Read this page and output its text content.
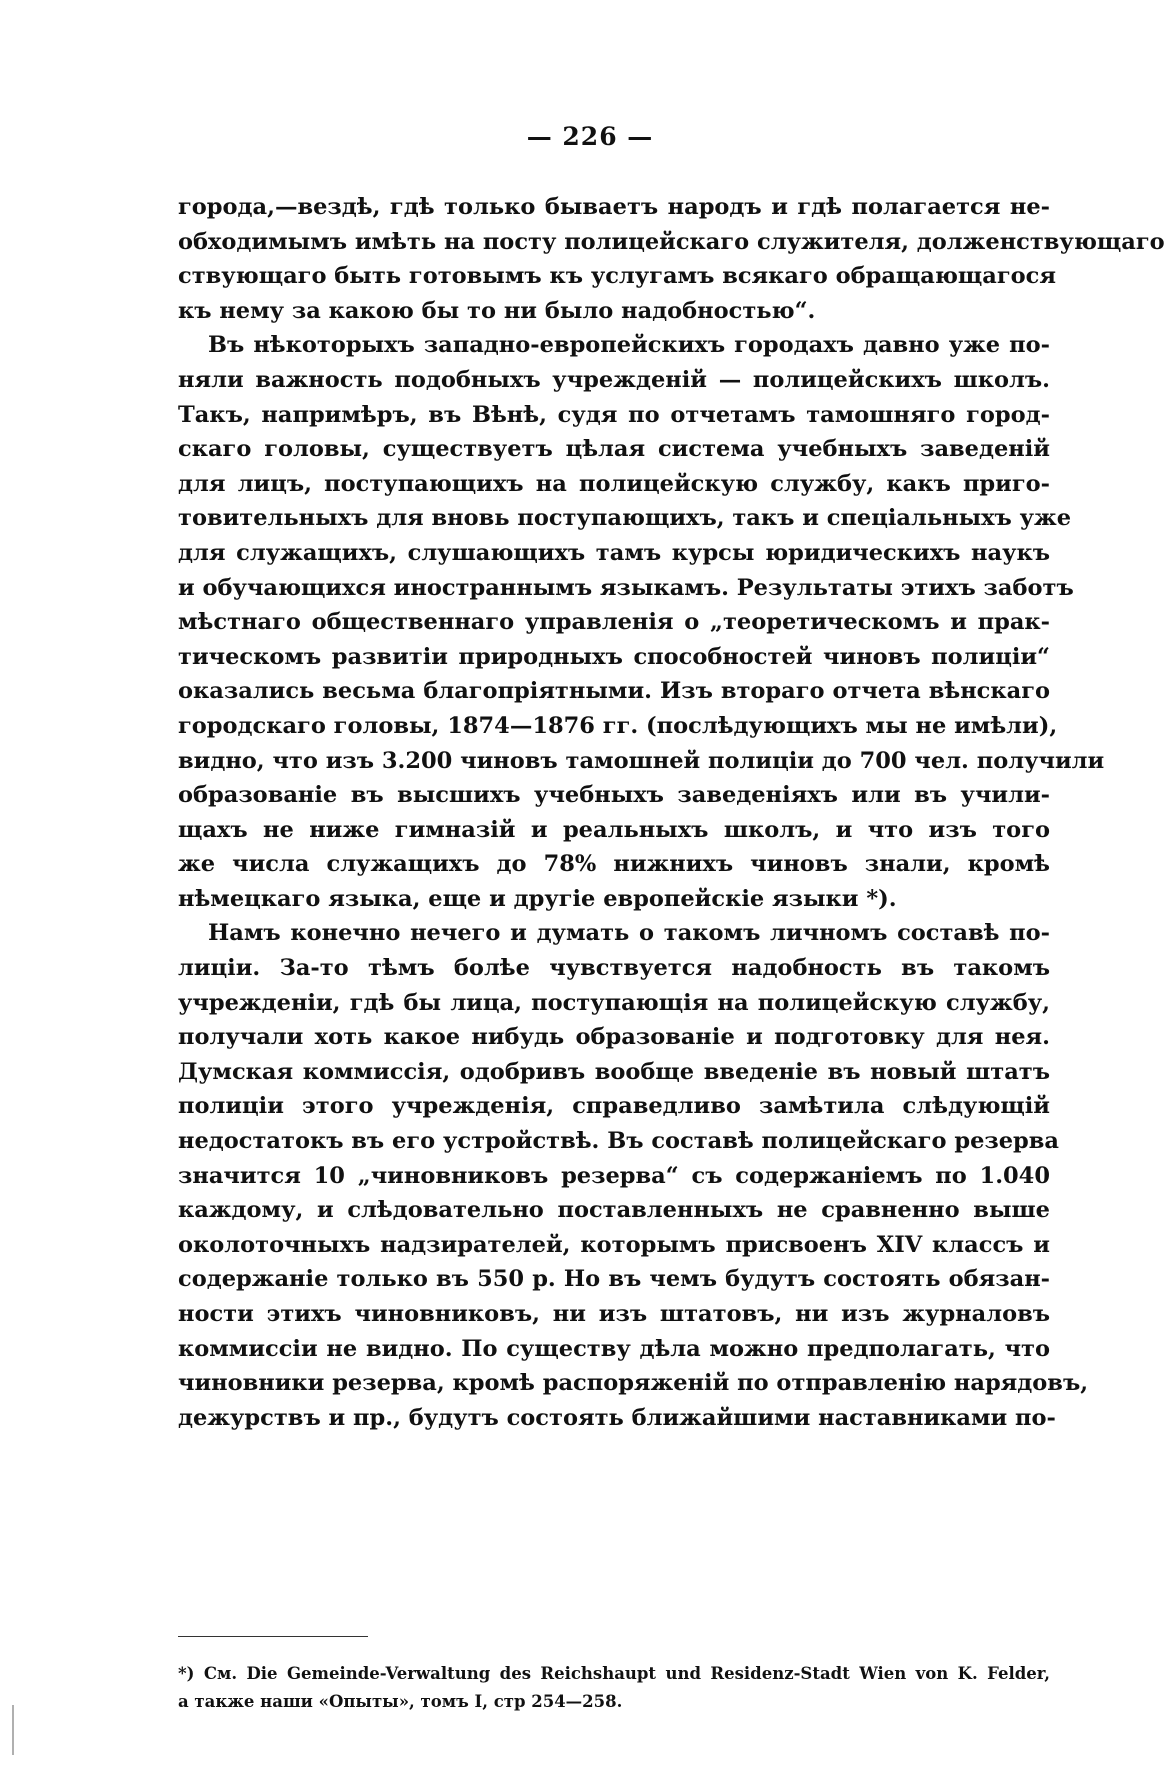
— 226 —
города,—вездѣ, гдѣ только бываетъ народъ и гдѣ полагается не-
обходимымъ имѣть на посту полицейскаго служителя, долженствующаго
ствующаго быть готовымъ къ услугамъ всякаго обращающагося
къ нему за какою бы то ни было надобностью“.
Въ нѣкоторыхъ западно-европейскихъ городахъ давно уже по-
няли важность подобныхъ учрежденій — полицейскихъ школъ.
Такъ, напримѣръ, въ Вѣнѣ, судя по отчетамъ тамошняго город-
скаго головы, существуетъ цѣлая система учебныхъ заведеній
для лицъ, поступающихъ на полицейскую службу, какъ приго-
товительныхъ для вновь поступающихъ, такъ и спеціальныхъ уже
для служащихъ, слушающихъ тамъ курсы юридическихъ наукъ
и обучающихся иностраннымъ языкамъ. Результаты этихъ заботъ
мѣстнаго общественнаго управленія о „теоретическомъ и прак-
тическомъ развитіи природныхъ способностей чиновъ полиціи“
оказались весьма благопріятными. Изъ втораго отчета вѣнскаго
городскаго головы, 1874—1876 гг. (послѣдующихъ мы не имѣли),
видно, что изъ 3.200 чиновъ тамошней полиціи до 700 чел. получили
образованіе въ высшихъ учебныхъ заведеніяхъ или въ учили-
щахъ не ниже гимназій и реальныхъ школъ, и что изъ того
же числа служащихъ до 78% нижнихъ чиновъ знали, кромѣ
нѣмецкаго языка, еще и другіе европейскіе языки *).
Намъ конечно нечего и думать о такомъ личномъ составѣ по-
лиціи. За-то тѣмъ болѣе чувствуется надобность въ такомъ
учрежденіи, гдѣ бы лица, поступающія на полицейскую службу,
получали хоть какое нибудь образованіе и подготовку для нея.
Думская коммиссія, одобривъ вообще введеніе въ новый штатъ
полиціи этого учрежденія, справедливо замѣтила слѣдующій
недостатокъ въ его устройствѣ. Въ составѣ полицейскаго резерва
значится 10 „чиновниковъ резерва“ съ содержаніемъ по 1.040
каждому, и слѣдовательно поставленныхъ не сравненно выше
околоточныхъ надзирателей, которымъ присвоенъ XIV классъ и
содержаніе только въ 550 р. Но въ чемъ будутъ состоять обязан-
ности этихъ чиновниковъ, ни изъ штатовъ, ни изъ журналовъ
коммиссіи не видно. По существу дѣла можно предполагать, что
чиновники резерва, кромѣ распоряженій по отправленію нарядовъ,
дежурствъ и пр., будутъ состоять ближайшими наставниками по-
*) См. Die Gemeinde-Verwaltung des Reichshaupt und Residenz-Stadt Wien von K. Felder,
а также наши «Опыты», томъ I, стр 254—258.
